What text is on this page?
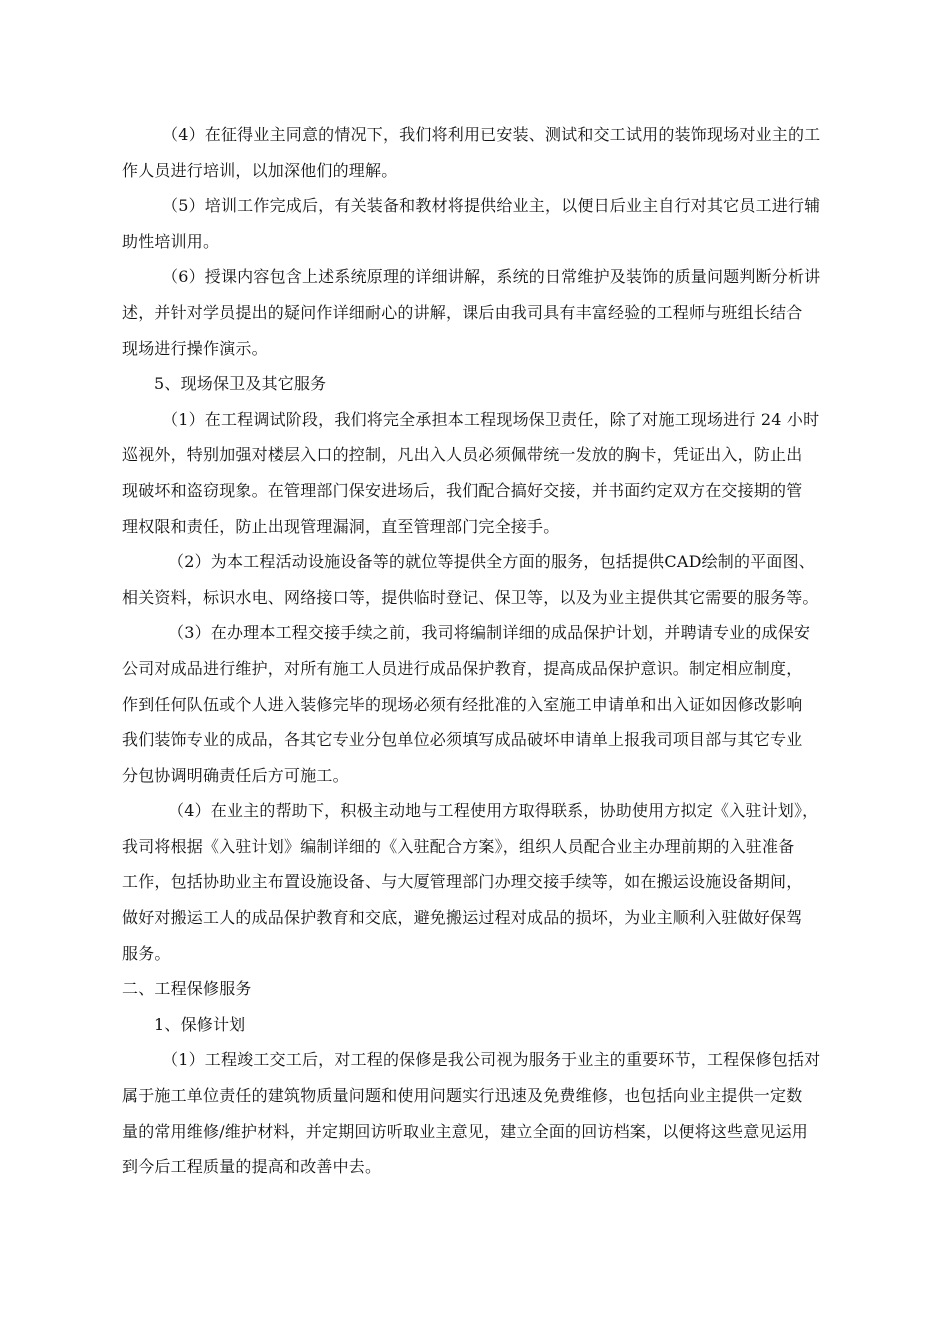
（4）在征得业主同意的情况下，我们将利用已安装、测试和交工试用的装饰现场对业主的工
作人员进行培训，以加深他们的理解。
（5）培训工作完成后，有关装备和教材将提供给业主，以便日后业主自行对其它员工进行辅
助性培训用。
（6）授课内容包含上述系统原理的详细讲解，系统的日常维护及装饰的质量问题判断分析讲
述，并针对学员提出的疑问作详细耐心的讲解，课后由我司具有丰富经验的工程师与班组长结合
现场进行操作演示。
5、现场保卫及其它服务
（1）在工程调试阶段，我们将完全承担本工程现场保卫责任，除了对施工现场进行 24 小时
巡视外，特别加强对楼层入口的控制，凡出入人员必须佩带统一发放的胸卡，凭证出入，防止出
现破坏和盗窃现象。在管理部门保安进场后，我们配合搞好交接，并书面约定双方在交接期的管
理权限和责任，防止出现管理漏洞，直至管理部门完全接手。
（2）为本工程活动设施设备等的就位等提供全方面的服务，包括提供CAD绘制的平面图、
相关资料，标识水电、网络接口等，提供临时登记、保卫等，以及为业主提供其它需要的服务等。
（3）在办理本工程交接手续之前，我司将编制详细的成品保护计划，并聘请专业的成保安
公司对成品进行维护，对所有施工人员进行成品保护教育，提高成品保护意识。制定相应制度，
作到任何队伍或个人进入装修完毕的现场必须有经批准的入室施工申请单和出入证如因修改影响
我们装饰专业的成品，各其它专业分包单位必须填写成品破坏申请单上报我司项目部与其它专业
分包协调明确责任后方可施工。
（4）在业主的帮助下，积极主动地与工程使用方取得联系，协助使用方拟定《入驻计划》，
我司将根据《入驻计划》编制详细的《入驻配合方案》，组织人员配合业主办理前期的入驻准备
工作，包括协助业主布置设施设备、与大厦管理部门办理交接手续等，如在搬运设施设备期间，
做好对搬运工人的成品保护教育和交底，避免搬运过程对成品的损坏，为业主顺利入驻做好保驾
服务。
二、工程保修服务
1、保修计划
（1）工程竣工交工后，对工程的保修是我公司视为服务于业主的重要环节，工程保修包括对
属于施工单位责任的建筑物质量问题和使用问题实行迅速及免费维修，也包括向业主提供一定数
量的常用维修/维护材料，并定期回访听取业主意见，建立全面的回访档案，以便将这些意见运用
到今后工程质量的提高和改善中去。
